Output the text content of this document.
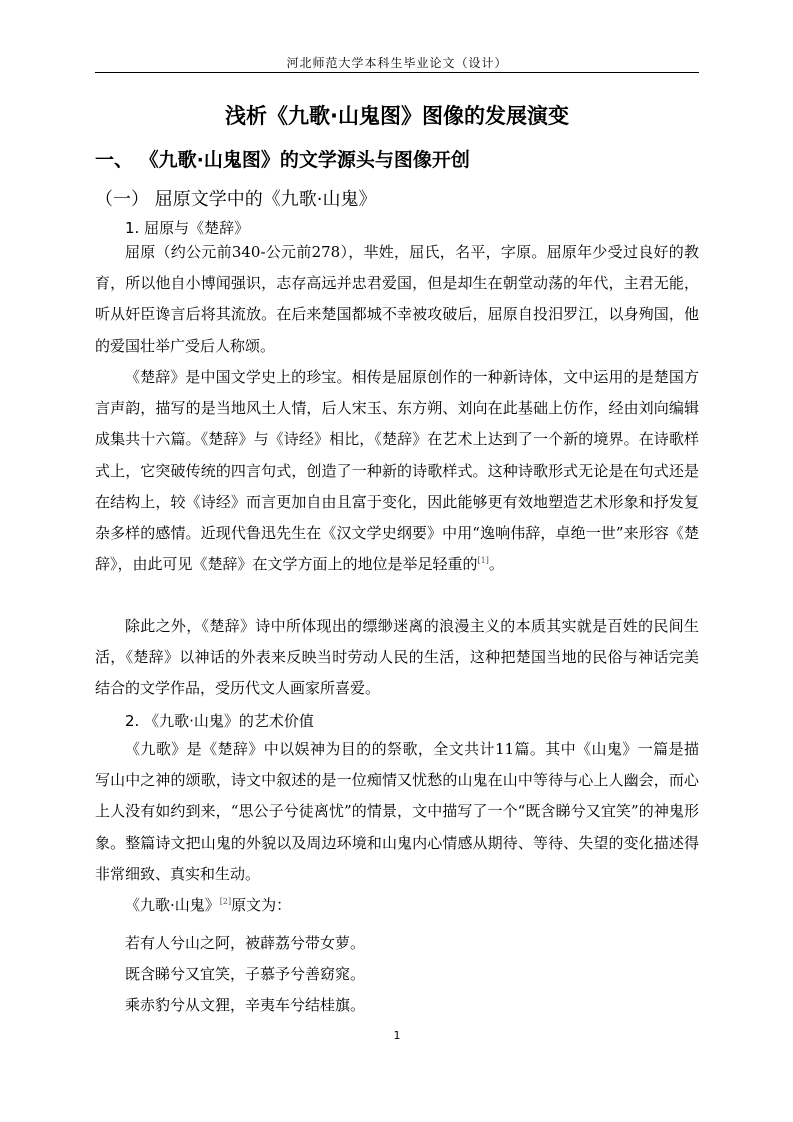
河北师范大学本科生毕业论文（设计）
浅析《九歌·山鬼图》图像的发展演变
一、 《九歌·山鬼图》的文学源头与图像开创
（一） 屈原文学中的《九歌·山鬼》
1. 屈原与《楚辞》

屈原（约公元前340-公元前278），芈姓，屈氏，名平，字原。屈原年少受过良好的教育，所以他自小博闻强识，志存高远并忠君爱国，但是却生在朝堂动荡的年代，主君无能，听从奸臣谗言后将其流放。在后来楚国都城不幸被攻破后，屈原自投汨罗江，以身殉国，他的爱国壮举广受后人称颂。

《楚辞》是中国文学史上的珍宝。相传是屈原创作的一种新诗体，文中运用的是楚国方言声韵，描写的是当地风土人情，后人宋玉、东方朔、刘向在此基础上仿作，经由刘向编辑成集共十六篇。《楚辞》与《诗经》相比，《楚辞》在艺术上达到了一个新的境界。在诗歌样式上，它突破传统的四言句式，创造了一种新的诗歌样式。这种诗歌形式无论是在句式还是在结构上，较《诗经》而言更加自由且富于变化，因此能够更有效地塑造艺术形象和抒发复杂多样的感情。近现代鲁迅先生在《汉文学史纲要》中用“逸响伟辞，卓绝一世”来形容《楚辞》，由此可见《楚辞》在文学方面上的地位是举足轻重的[1]。

除此之外，《楚辞》诗中所体现出的缥缈迷离的浪漫主义的本质其实就是百姓的民间生活，《楚辞》以神话的外表来反映当时劳动人民的生活，这种把楚国当地的民俗与神话完美结合的文学作品，受历代文人画家所喜爱。

2. 《九歌·山鬼》的艺术价值

《九歌》是《楚辞》中以娱神为目的的祭歌，全文共计11篇。其中《山鬼》一篇是描写山中之神的颂歌，诗文中叙述的是一位痴情又忧愁的山鬼在山中等待与心上人幽会，而心上人没有如约到来，“思公子兮徒离忧”的情景，文中描写了一个“既含睇兮又宜笑”的神鬼形象。整篇诗文把山鬼的外貌以及周边环境和山鬼内心情感从期待、等待、失望的变化描述得非常细致、真实和生动。

《九歌·山鬼》[2]原文为：

若有人兮山之阿，被薜荔兮带女萝。
既含睇兮又宜笑，子慕予兮善窈窕。
乘赤豹兮从文狸，辛夷车兮结桂旗。
1
